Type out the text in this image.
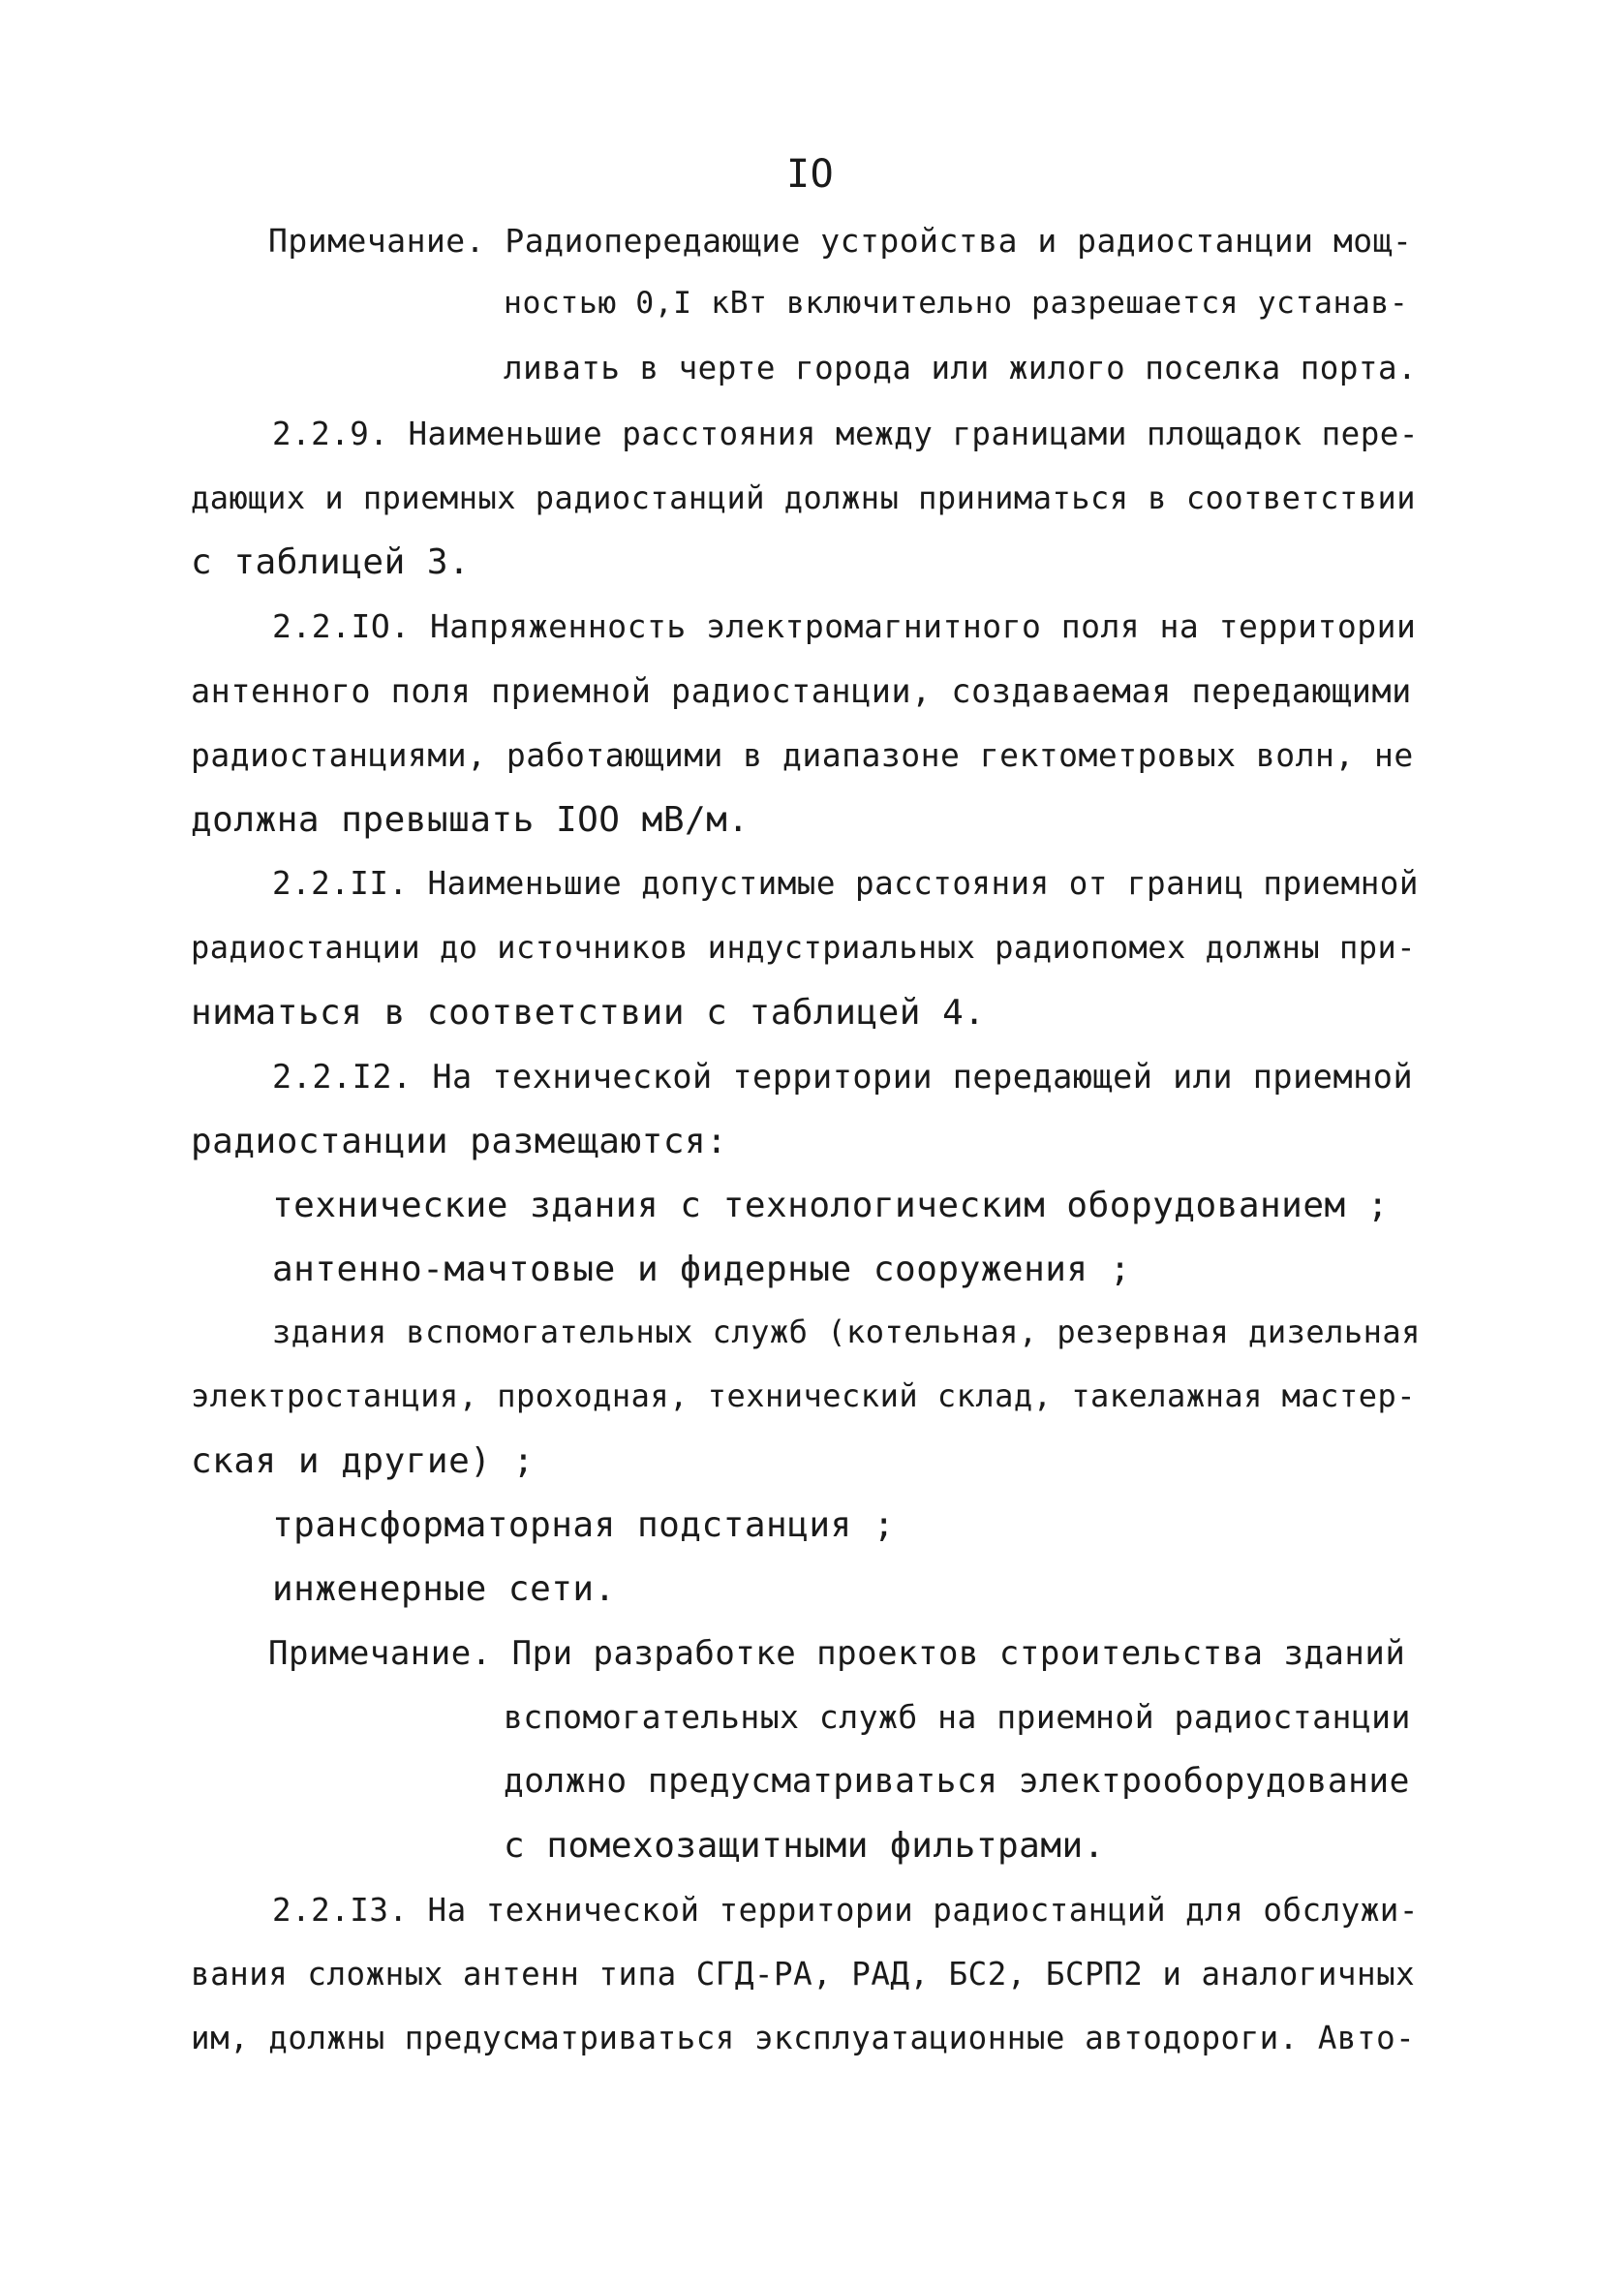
IO
Примечание. Радиопередающие устройства и радиостанции мощ-
ностью 0,I кВт включительно разрешается устанав-
ливать в черте города или жилого поселка порта.
2.2.9. Наименьшие расстояния между границами площадок пере-
дающих и приемных радиостанций должны приниматься в соответствии
с таблицей 3.
2.2.IO. Напряженность электромагнитного поля на территории
антенного поля приемной радиостанции, создаваемая передающими
радиостанциями, работающими в диапазоне гектометровых волн, не
должна превышать IOO мВ/м.
2.2.II. Наименьшие допустимые расстояния от границ приемной
радиостанции до источников индустриальных радиопомех должны при-
ниматься в соответствии с таблицей 4.
2.2.I2. На технической территории передающей или приемной
радиостанции размещаются:
технические здания с технологическим оборудованием ;
антенно-мачтовые и фидерные сооружения ;
здания вспомогательных служб (котельная, резервная дизельная
электростанция, проходная, технический склад, такелажная мастер-
ская и другие) ;
трансформаторная подстанция ;
инженерные сети.
Примечание. При разработке проектов строительства зданий
вспомогательных служб на приемной радиостанции
должно предусматриваться электрооборудование
с помехозащитными фильтрами.
2.2.I3. На технической территории радиостанций для обслужи-
вания сложных антенн типа СГД-РА, РАД, БС2, БСРП2 и аналогичных
им, должны предусматриваться эксплуатационные автодороги. Авто-
